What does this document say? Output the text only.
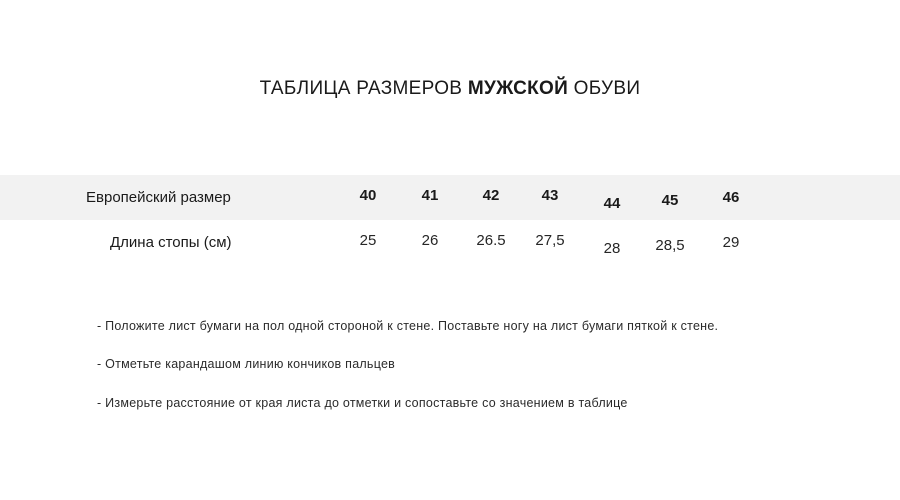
ТАБЛИЦА РАЗМЕРОВ МУЖСКОЙ ОБУВИ
Европейский размер	40	41	42	43	44	45	46
Длина стопы (см)	25	26	26.5	27,5	28	28,5	29
- Положите лист бумаги на пол одной стороной к стене. Поставьте ногу на лист бумаги пяткой к стене.
- Отметьте карандашом линию кончиков пальцев
- Измерьте расстояние от края листа до отметки и сопоставьте со значением в таблице
